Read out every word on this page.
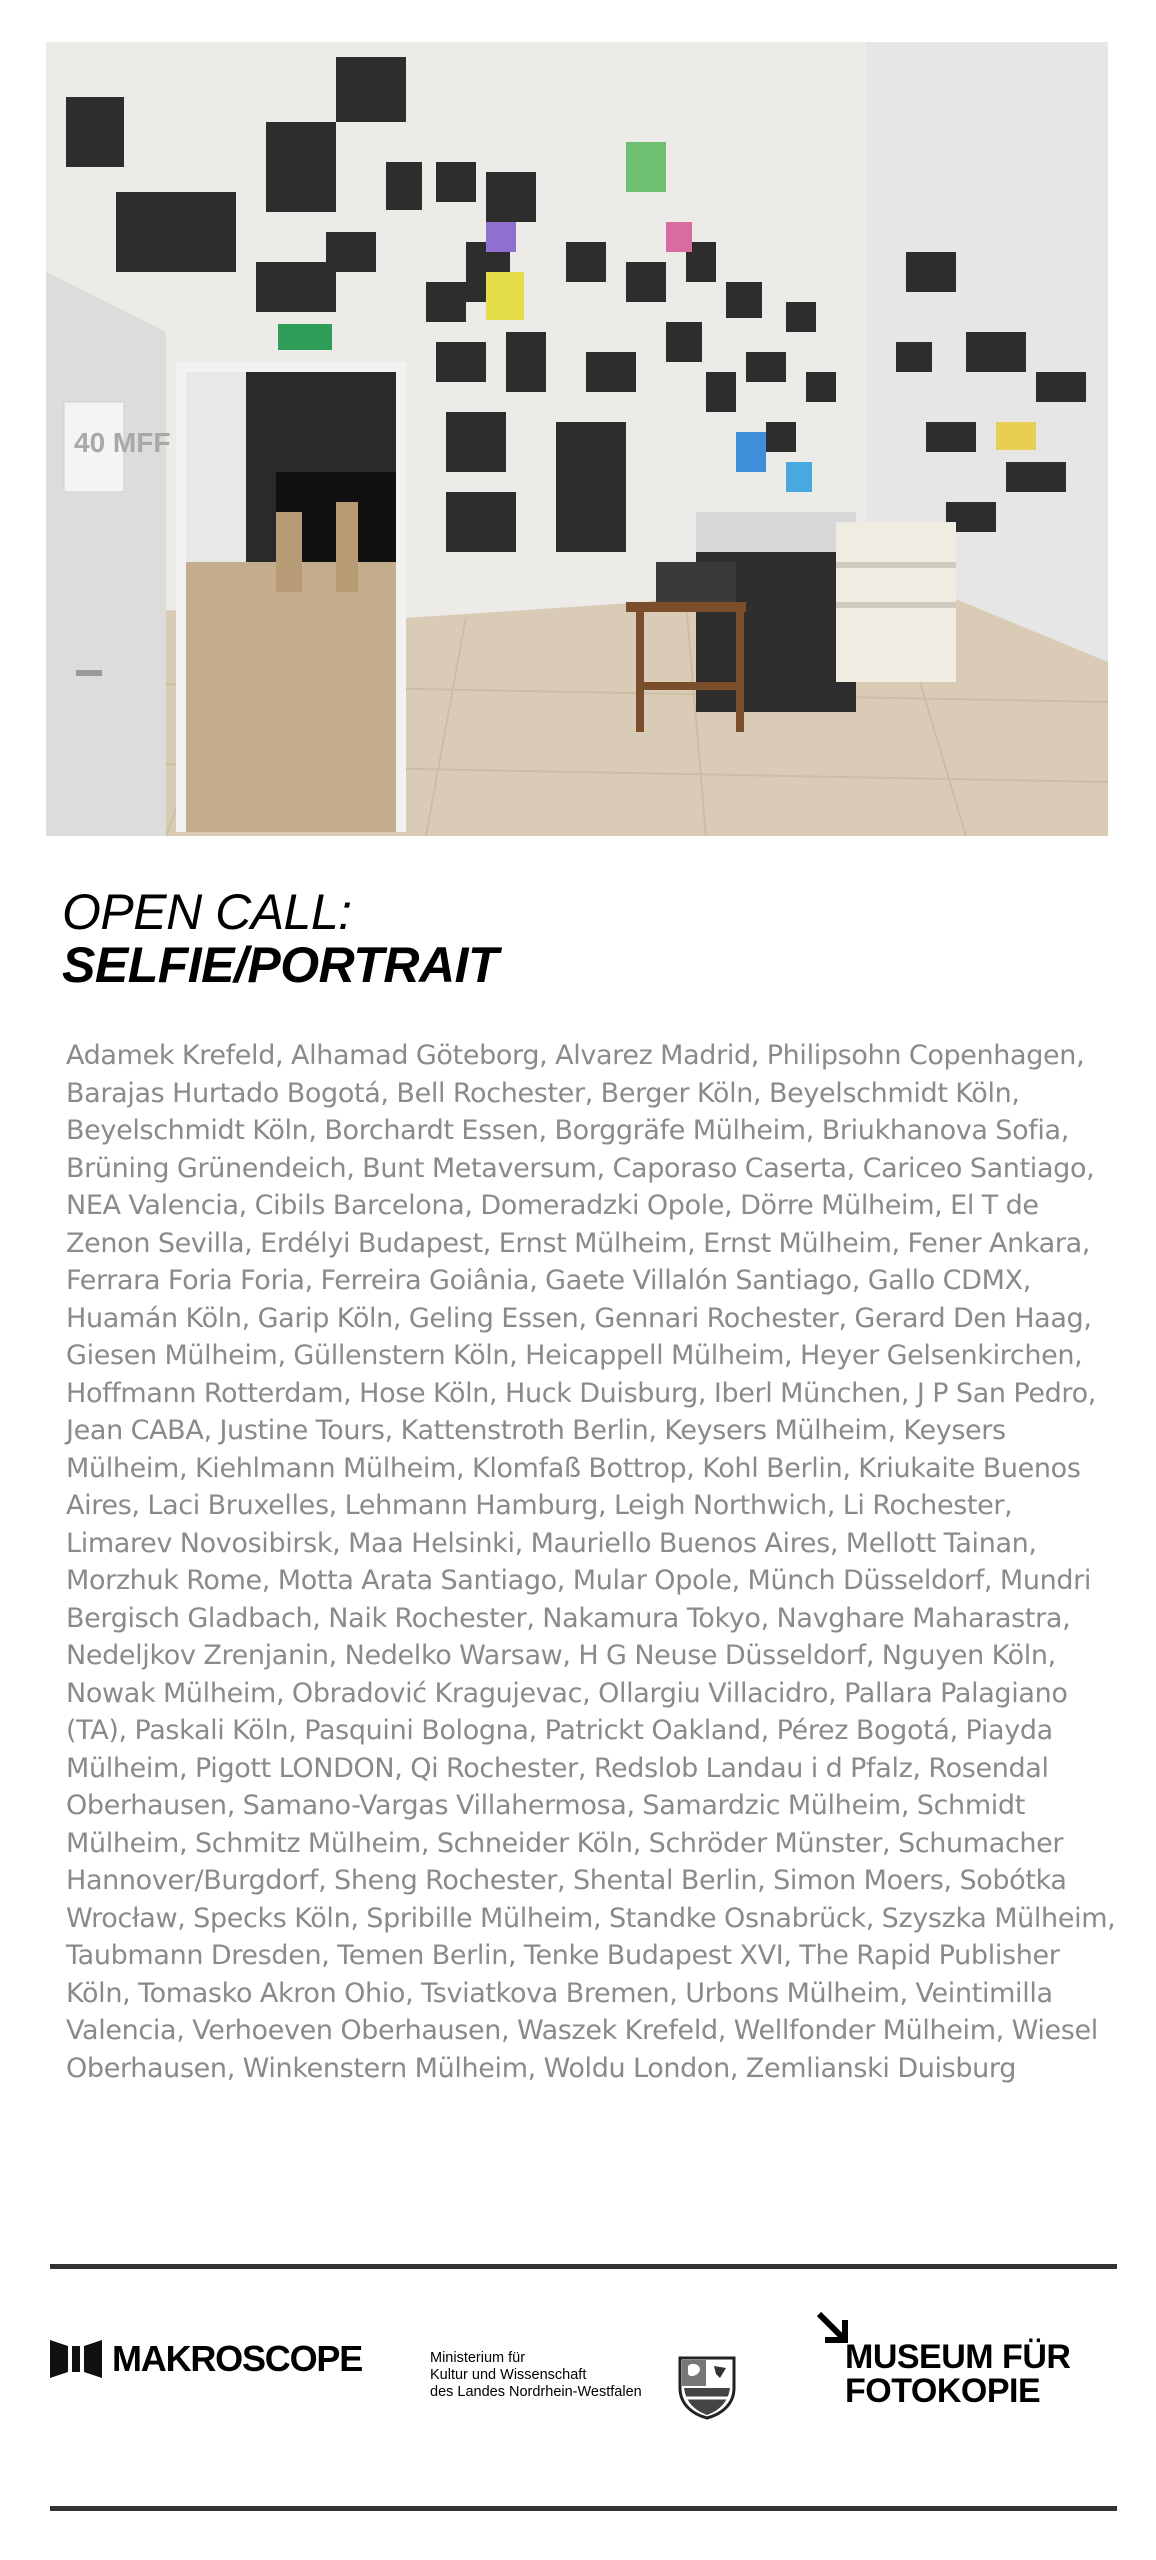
40 MFF
OPEN CALL:
SELFIE/PORTRAIT

Adamek Krefeld, Alhamad Göteborg, Alvarez Madrid, Philipsohn Copenhagen, Barajas Hurtado Bogotá, Bell Rochester, Berger Köln, Beyelschmidt Köln, Beyelschmidt Köln, Borchardt Essen, Borggräfe Mülheim, Briukhanova Sofia, Brüning Grünendeich, Bunt Metaversum, Caporaso Caserta, Cariceo Santiago, NEA Valencia, Cibils Barcelona, Domeradzki Opole, Dörre Mülheim, El T de Zenon Sevilla, Erdélyi Budapest, Ernst Mülheim, Ernst Mülheim, Fener Ankara, Ferrara Foria Foria, Ferreira Goiânia, Gaete Villalón Santiago, Gallo CDMX, Huamán Köln, Garip Köln, Geling Essen, Gennari Rochester, Gerard Den Haag, Giesen Mülheim, Güllenstern Köln, Heicappell Mülheim, Heyer Gelsenkirchen, Hoffmann Rotterdam, Hose Köln, Huck Duisburg, Iberl München, J P San Pedro, Jean CABA, Justine Tours, Kattenstroth Berlin, Keysers Mülheim, Keysers Mülheim, Kiehlmann Mülheim, Klomfaß Bottrop, Kohl Berlin, Kriukaite Buenos Aires, Laci Bruxelles, Lehmann Hamburg, Leigh Northwich, Li Rochester, Limarev Novosibirsk, Maa Helsinki, Mauriello Buenos Aires, Mellott Tainan, Morzhuk Rome, Motta Arata Santiago, Mular Opole, Münch Düsseldorf, Mundri Bergisch Gladbach, Naik Rochester, Nakamura Tokyo, Navghare Maharastra, Nedeljkov Zrenjanin, Nedelko Warsaw, H G Neuse Düsseldorf, Nguyen Köln, Nowak Mülheim, Obradović Kragujevac, Ollargiu Villacidro, Pallara Palagiano (TA), Paskali Köln, Pasquini Bologna, Patrickt Oakland, Pérez Bogotá, Piayda Mülheim, Pigott LONDON, Qi Rochester, Redslob Landau i d Pfalz, Rosendal Oberhausen, Samano-Vargas Villahermosa, Samardzic Mülheim, Schmidt Mülheim, Schmitz Mülheim, Schneider Köln, Schröder Münster, Schumacher Hannover/Burgdorf, Sheng Rochester, Shental Berlin, Simon Moers, Sobótka Wrocław, Specks Köln, Spribille Mülheim, Standke Osnabrück, Szyszka Mülheim, Taubmann Dresden, Temen Berlin, Tenke Budapest XVI, The Rapid Publisher Köln, Tomasko Akron Ohio, Tsviatkova Bremen, Urbons Mülheim, Veintimilla Valencia, Verhoeven Oberhausen, Waszek Krefeld, Wellfonder Mülheim, Wiesel Oberhausen, Winkenstern Mülheim, Woldu London, Zemlianski Duisburg

MAKROSCOPE	Ministerium für
Kultur und Wissenschaft
des Landes Nordrhein-Westfalen
MUSEUM FÜR
FOTOKOPIE
